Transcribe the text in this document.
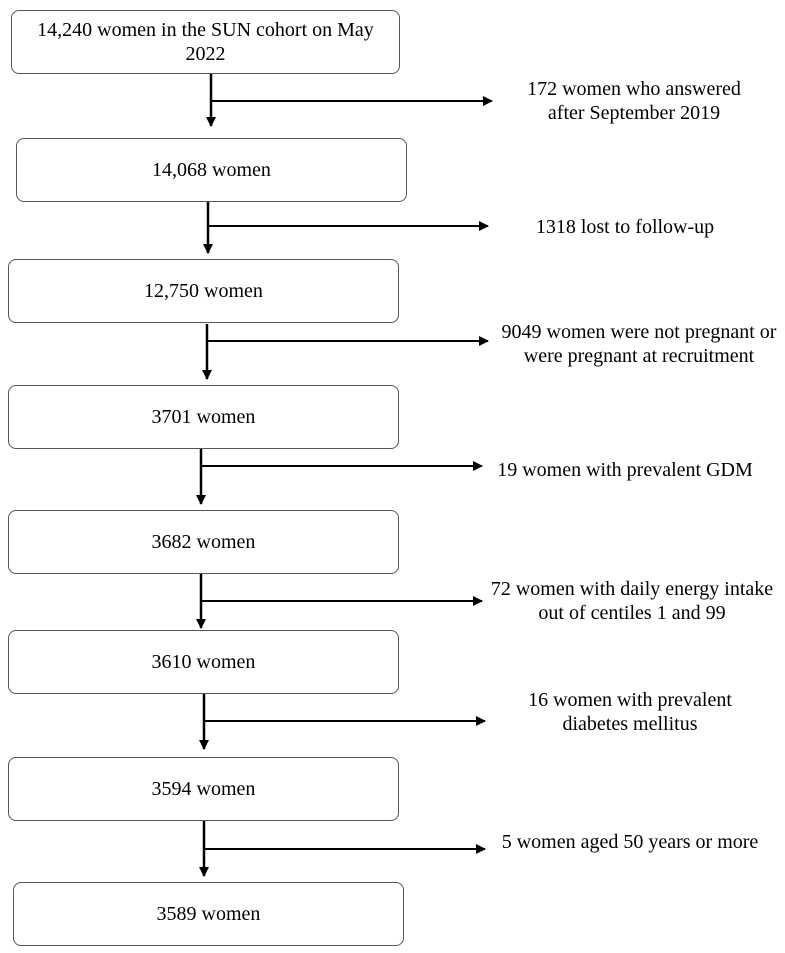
14,240 women in the SUN cohort on May 2022
14,068 women
12,750 women
3701 women
3682 women
3610 women
3594 women
3589 women
172 women who answered after September 2019
1318 lost to follow-up
9049 women were not pregnant or were pregnant at recruitment
19 women with prevalent GDM
72 women with daily energy intake out of centiles 1 and 99
16 women with prevalent diabetes mellitus
5 women aged 50 years or more
